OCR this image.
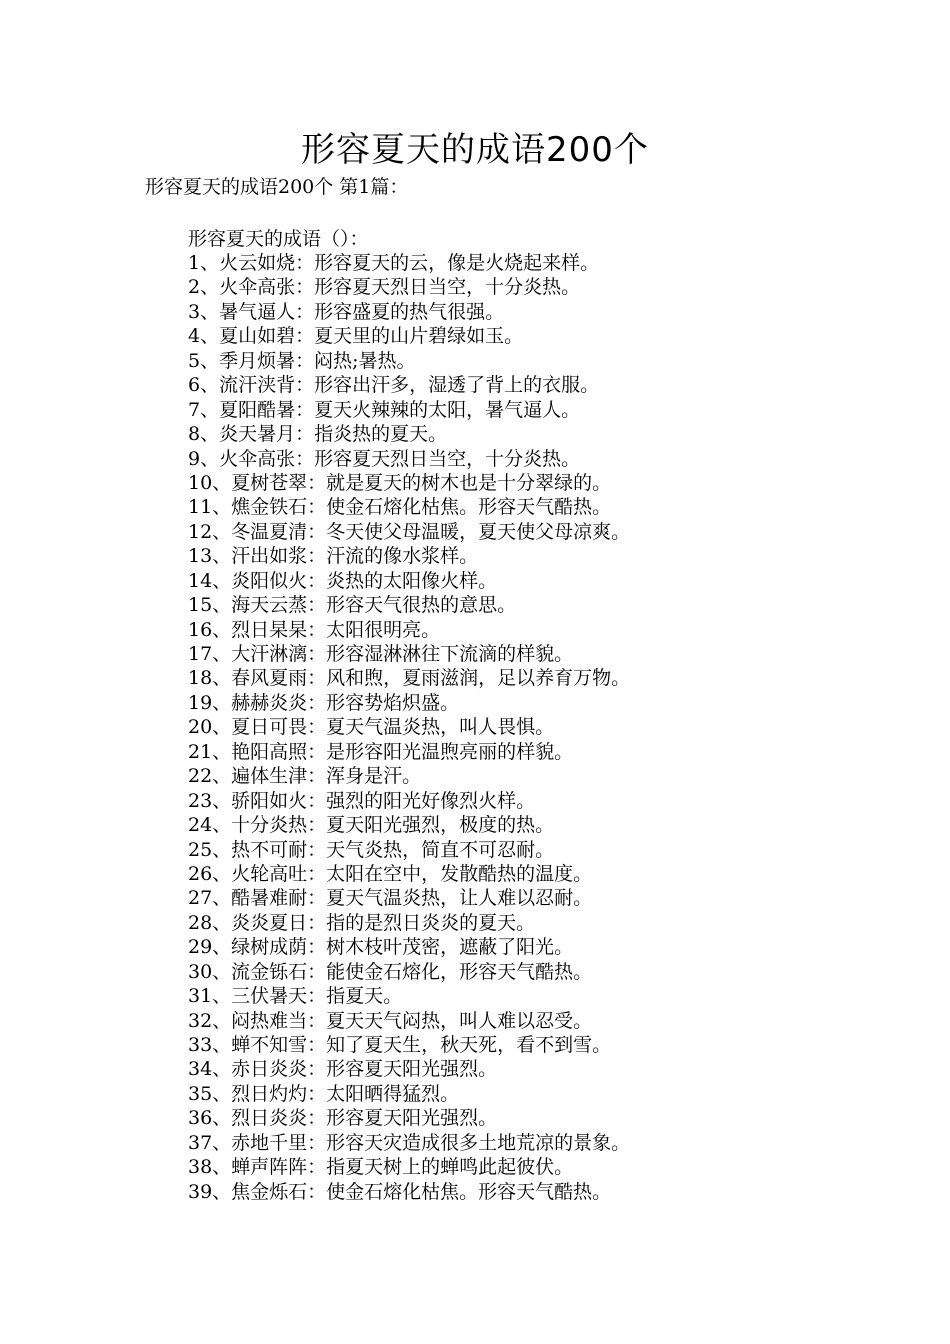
形容夏天的成语200个
形容夏天的成语200个 第1篇：
形容夏天的成语（）：
1、火云如烧：形容夏天的云，像是火烧起来样。
2、火伞高张：形容夏天烈日当空，十分炎热。
3、暑气逼人：形容盛夏的热气很强。
4、夏山如碧：夏天里的山片碧绿如玉。
5、季月烦暑：闷热;暑热。
6、流汗浃背：形容出汗多，湿透了背上的衣服。
7、夏阳酷暑：夏天火辣辣的太阳，暑气逼人。
8、炎天暑月：指炎热的夏天。
9、火伞高张：形容夏天烈日当空，十分炎热。
10、夏树苍翠：就是夏天的树木也是十分翠绿的。
11、燋金铁石：使金石熔化枯焦。形容天气酷热。
12、冬温夏清：冬天使父母温暖，夏天使父母凉爽。
13、汗出如浆：汗流的像水浆样。
14、炎阳似火：炎热的太阳像火样。
15、海天云蒸：形容天气很热的意思。
16、烈日杲杲：太阳很明亮。
17、大汗淋漓：形容湿淋淋往下流滴的样貌。
18、春风夏雨：风和煦，夏雨滋润，足以养育万物。
19、赫赫炎炎：形容势焰炽盛。
20、夏日可畏：夏天气温炎热，叫人畏惧。
21、艳阳高照：是形容阳光温煦亮丽的样貌。
22、遍体生津：浑身是汗。
23、骄阳如火：强烈的阳光好像烈火样。
24、十分炎热：夏天阳光强烈，极度的热。
25、热不可耐：天气炎热，简直不可忍耐。
26、火轮高吐：太阳在空中，发散酷热的温度。
27、酷暑难耐：夏天气温炎热，让人难以忍耐。
28、炎炎夏日：指的是烈日炎炎的夏天。
29、绿树成荫：树木枝叶茂密，遮蔽了阳光。
30、流金铄石：能使金石熔化，形容天气酷热。
31、三伏暑天：指夏天。
32、闷热难当：夏天天气闷热，叫人难以忍受。
33、蝉不知雪：知了夏天生，秋天死，看不到雪。
34、赤日炎炎：形容夏天阳光强烈。
35、烈日灼灼：太阳晒得猛烈。
36、烈日炎炎：形容夏天阳光强烈。
37、赤地千里：形容天灾造成很多土地荒凉的景象。
38、蝉声阵阵：指夏天树上的蝉鸣此起彼伏。
39、焦金烁石：使金石熔化枯焦。形容天气酷热。
